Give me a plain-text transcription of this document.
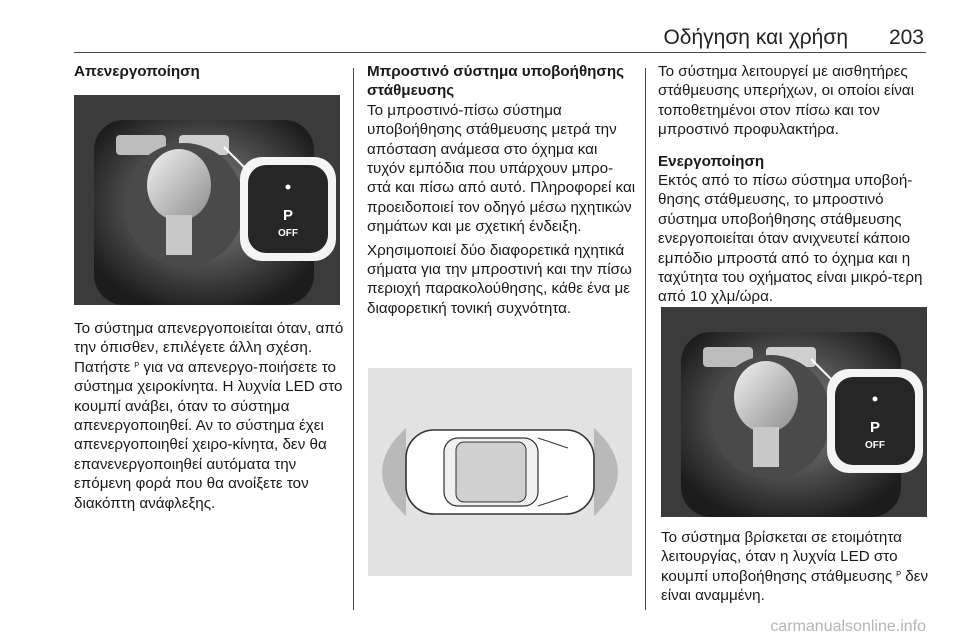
Οδήγηση και χρήση 203

Απενεργοποίηση

P
OFF

Το σύστημα απενεργοποιείται όταν, από την όπισθεν, επιλέγετε άλλη σχέση. Πατήστε ᴾ για να απενεργο-ποιήσετε το σύστημα χειροκίνητα. Η λυχνία LED στο κουμπί ανάβει, όταν το σύστημα απενεργοποιηθεί. Αν το σύστημα έχει απενεργοποιηθεί χειρο-κίνητα, δεν θα επανενεργοποιηθεί αυτόματα την επόμενη φορά που θα ανοίξετε τον διακόπτη ανάφλεξης.

Μπροστινό σύστημα υποβοήθησης στάθμευσης

Το μπροστινό-πίσω σύστημα υποβοήθησης στάθμευσης μετρά την απόσταση ανάμεσα στο όχημα και τυχόν εμπόδια που υπάρχουν μπρο-στά και πίσω από αυτό. Πληροφορεί και προειδοποιεί τον οδηγό μέσω ηχητικών σημάτων και με σχετική ένδειξη.

Χρησιμοποιεί δύο διαφορετικά ηχητικά σήματα για την μπροστινή και την πίσω περιοχή παρακολούθησης, κάθε ένα με διαφορετική τονική συχνότητα.

Το σύστημα λειτουργεί με αισθητήρες στάθμευσης υπερήχων, οι οποίοι είναι τοποθετημένοι στον πίσω και τον μπροστινό προφυλακτήρα.

Ενεργοποίηση

Εκτός από το πίσω σύστημα υποβοή-θησης στάθμευσης, το μπροστινό σύστημα υποβοήθησης στάθμευσης ενεργοποιείται όταν ανιχνευτεί κάποιο εμπόδιο μπροστά από το όχημα και η ταχύτητα του οχήματος είναι μικρό-τερη από 10 χλμ/ώρα.

P
OFF

Το σύστημα βρίσκεται σε ετοιμότητα λειτουργίας, όταν η λυχνία LED στο κουμπί υποβοήθησης στάθμευσης ᴾ δεν είναι αναμμένη.

carmanualsonline.info
